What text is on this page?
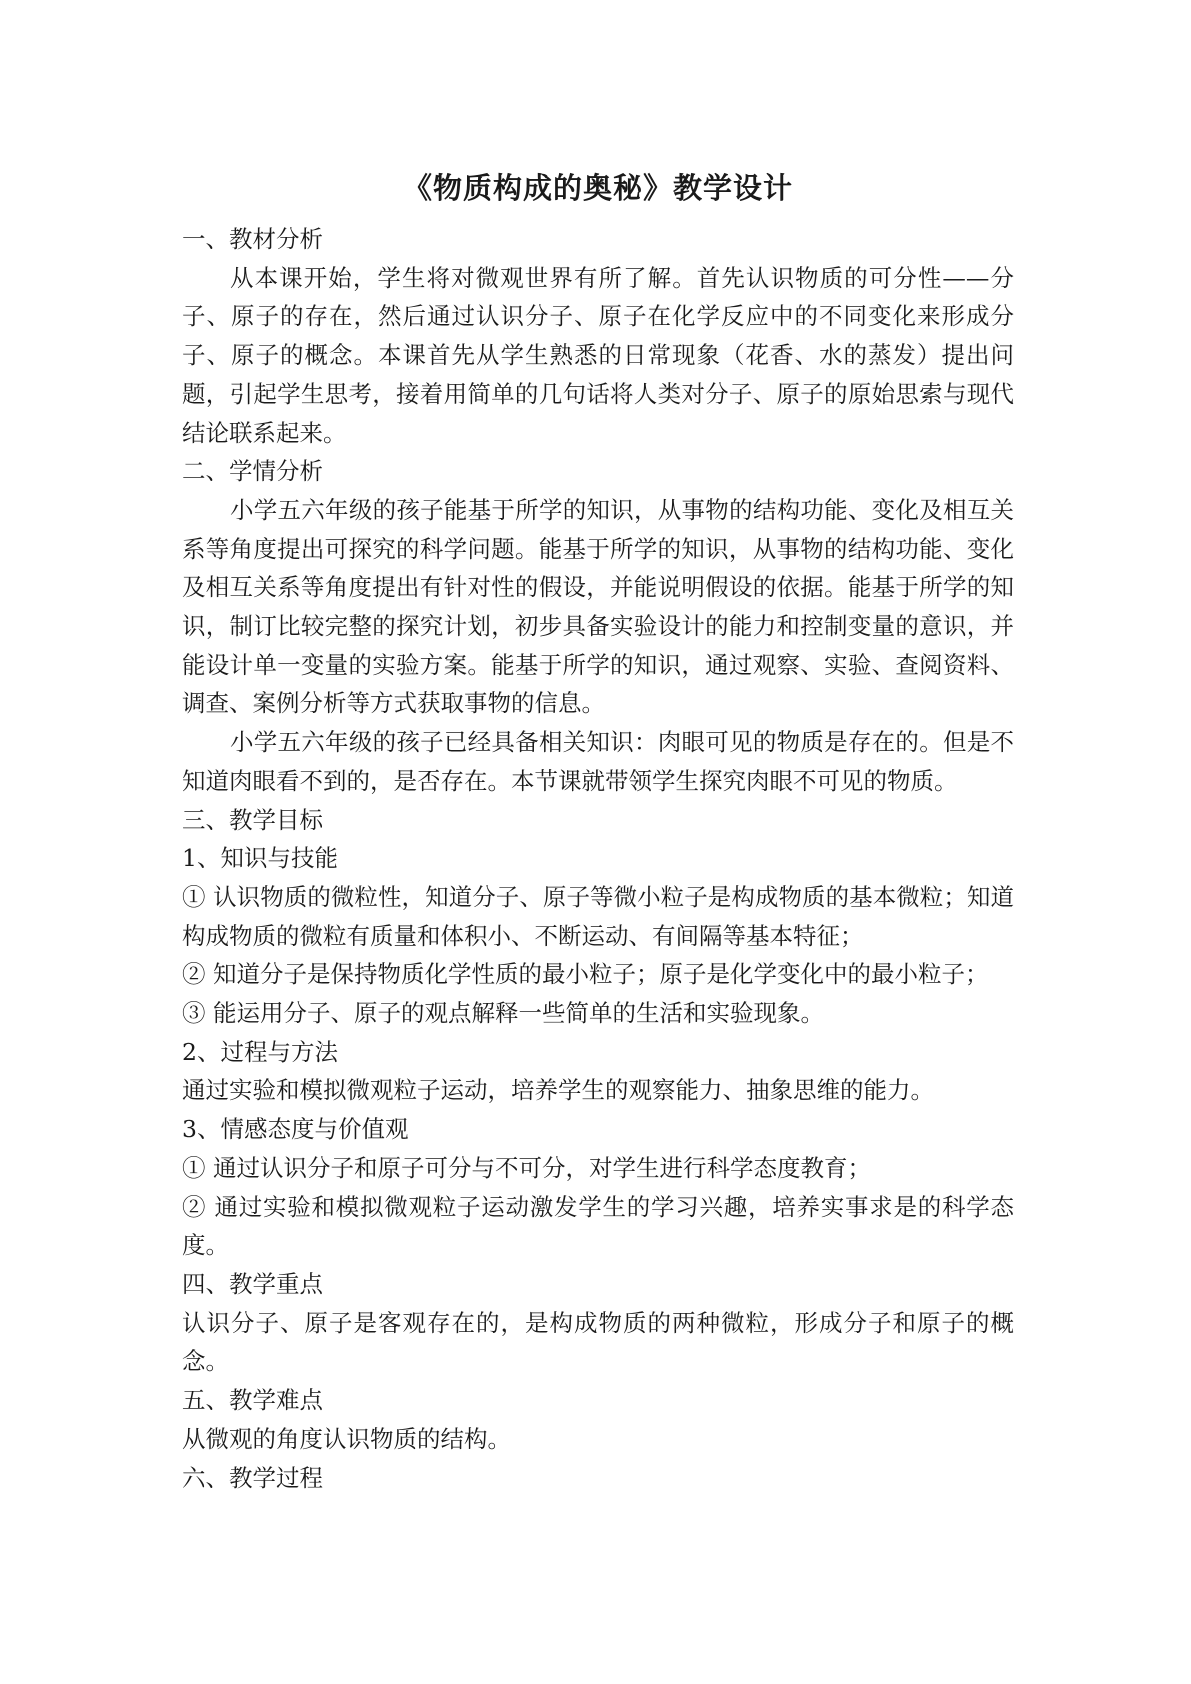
《物质构成的奥秘》教学设计

一、教材分析

从本课开始，学生将对微观世界有所了解。首先认识物质的可分性——分子、原子的存在，然后通过认识分子、原子在化学反应中的不同变化来形成分子、原子的概念。本课首先从学生熟悉的日常现象（花香、水的蒸发）提出问题，引起学生思考，接着用简单的几句话将人类对分子、原子的原始思索与现代结论联系起来。

二、学情分析

小学五六年级的孩子能基于所学的知识，从事物的结构功能、变化及相互关系等角度提出可探究的科学问题。能基于所学的知识，从事物的结构功能、变化及相互关系等角度提出有针对性的假设，并能说明假设的依据。能基于所学的知识，制订比较完整的探究计划，初步具备实验设计的能力和控制变量的意识，并能设计单一变量的实验方案。能基于所学的知识，通过观察、实验、查阅资料、调查、案例分析等方式获取事物的信息。

小学五六年级的孩子已经具备相关知识：肉眼可见的物质是存在的。但是不知道肉眼看不到的，是否存在。本节课就带领学生探究肉眼不可见的物质。

三、教学目标

1、知识与技能

① 认识物质的微粒性，知道分子、原子等微小粒子是构成物质的基本微粒；知道构成物质的微粒有质量和体积小、不断运动、有间隔等基本特征；

② 知道分子是保持物质化学性质的最小粒子；原子是化学变化中的最小粒子；

③ 能运用分子、原子的观点解释一些简单的生活和实验现象。

2、过程与方法

通过实验和模拟微观粒子运动，培养学生的观察能力、抽象思维的能力。

3、情感态度与价值观

① 通过认识分子和原子可分与不可分，对学生进行科学态度教育；

② 通过实验和模拟微观粒子运动激发学生的学习兴趣，培养实事求是的科学态度。

四、教学重点

认识分子、原子是客观存在的，是构成物质的两种微粒，形成分子和原子的概念。

五、教学难点

从微观的角度认识物质的结构。

六、教学过程
